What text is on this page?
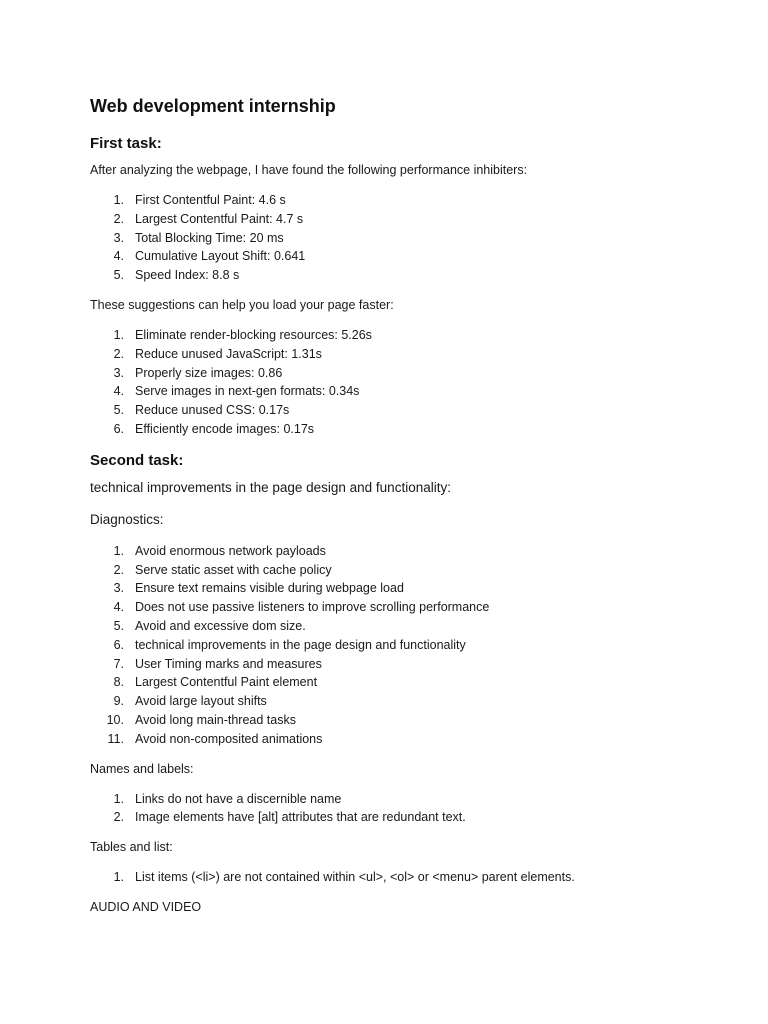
Web development internship
First task:

After analyzing the webpage, I have found the following performance inhibiters:

1. First Contentful Paint: 4.6 s
2. Largest Contentful Paint: 4.7 s
3. Total Blocking Time: 20 ms
4. Cumulative Layout Shift: 0.641
5. Speed Index: 8.8 s

These suggestions can help you load your page faster:

1. Eliminate render-blocking resources: 5.26s
2. Reduce unused JavaScript: 1.31s
3. Properly size images: 0.86
4. Serve images in next-gen formats: 0.34s
5. Reduce unused CSS: 0.17s
6. Efficiently encode images: 0.17s
Second task:

technical improvements in the page design and functionality:

Diagnostics:

1. Avoid enormous network payloads
2. Serve static asset with cache policy
3. Ensure text remains visible during webpage load
4. Does not use passive listeners to improve scrolling performance
5. Avoid and excessive dom size.
6. technical improvements in the page design and functionality
7. User Timing marks and measures
8. Largest Contentful Paint element
9. Avoid large layout shifts
10. Avoid long main-thread tasks
11. Avoid non-composited animations

Names and labels:

1. Links do not have a discernible name
2. Image elements have [alt] attributes that are redundant text.

Tables and list:

1. List items (<li>) are not contained within <ul>, <ol> or <menu> parent elements.

AUDIO AND VIDEO
